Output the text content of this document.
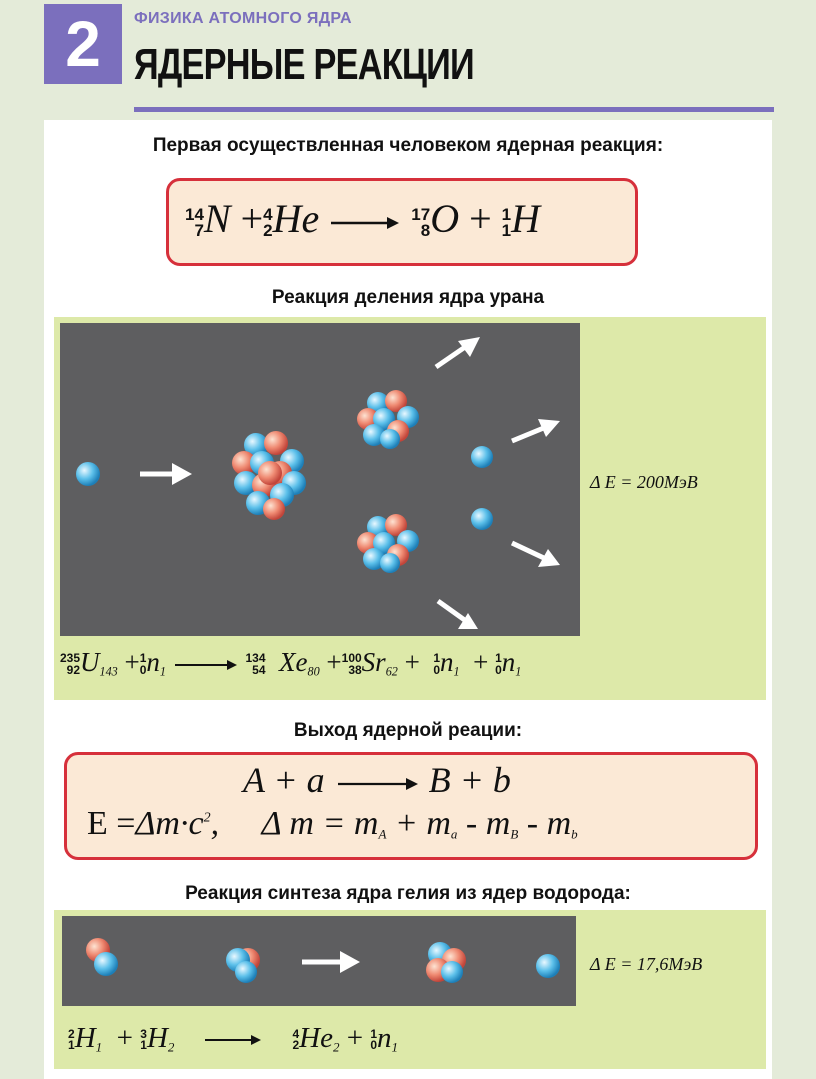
2	ФИЗИКА АТОМНОГО ЯДРА
ЯДЕРНЫЕ РЕАКЦИИ
Первая осуществленная человеком ядерная реакция:
14
7 N + 4
2 He → 17
8 O + 1
1 H
Реакция деления ядра урана
Δ E = 200МэВ
235
92 $U_{143} + 1$
0 $n_1 \to 134$
54 $Xe_{80} + 100$
38 $Sr_{62} + 1$
0 $n_1 + 1$
0 $n_1$
Выход ядерной реации:
A + a → B + b
$E =\Delta m\cdot c^2$, Δ $m = m_A + m_a - m_B - m_b$
Реакция синтеза ядра гелия из ядер водорода:
Δ E = 17,6МэВ
2
1 $H_1 + 3$
1 $H_2 \to 4$
2 $He_2 + 1$
0 $n_1$
